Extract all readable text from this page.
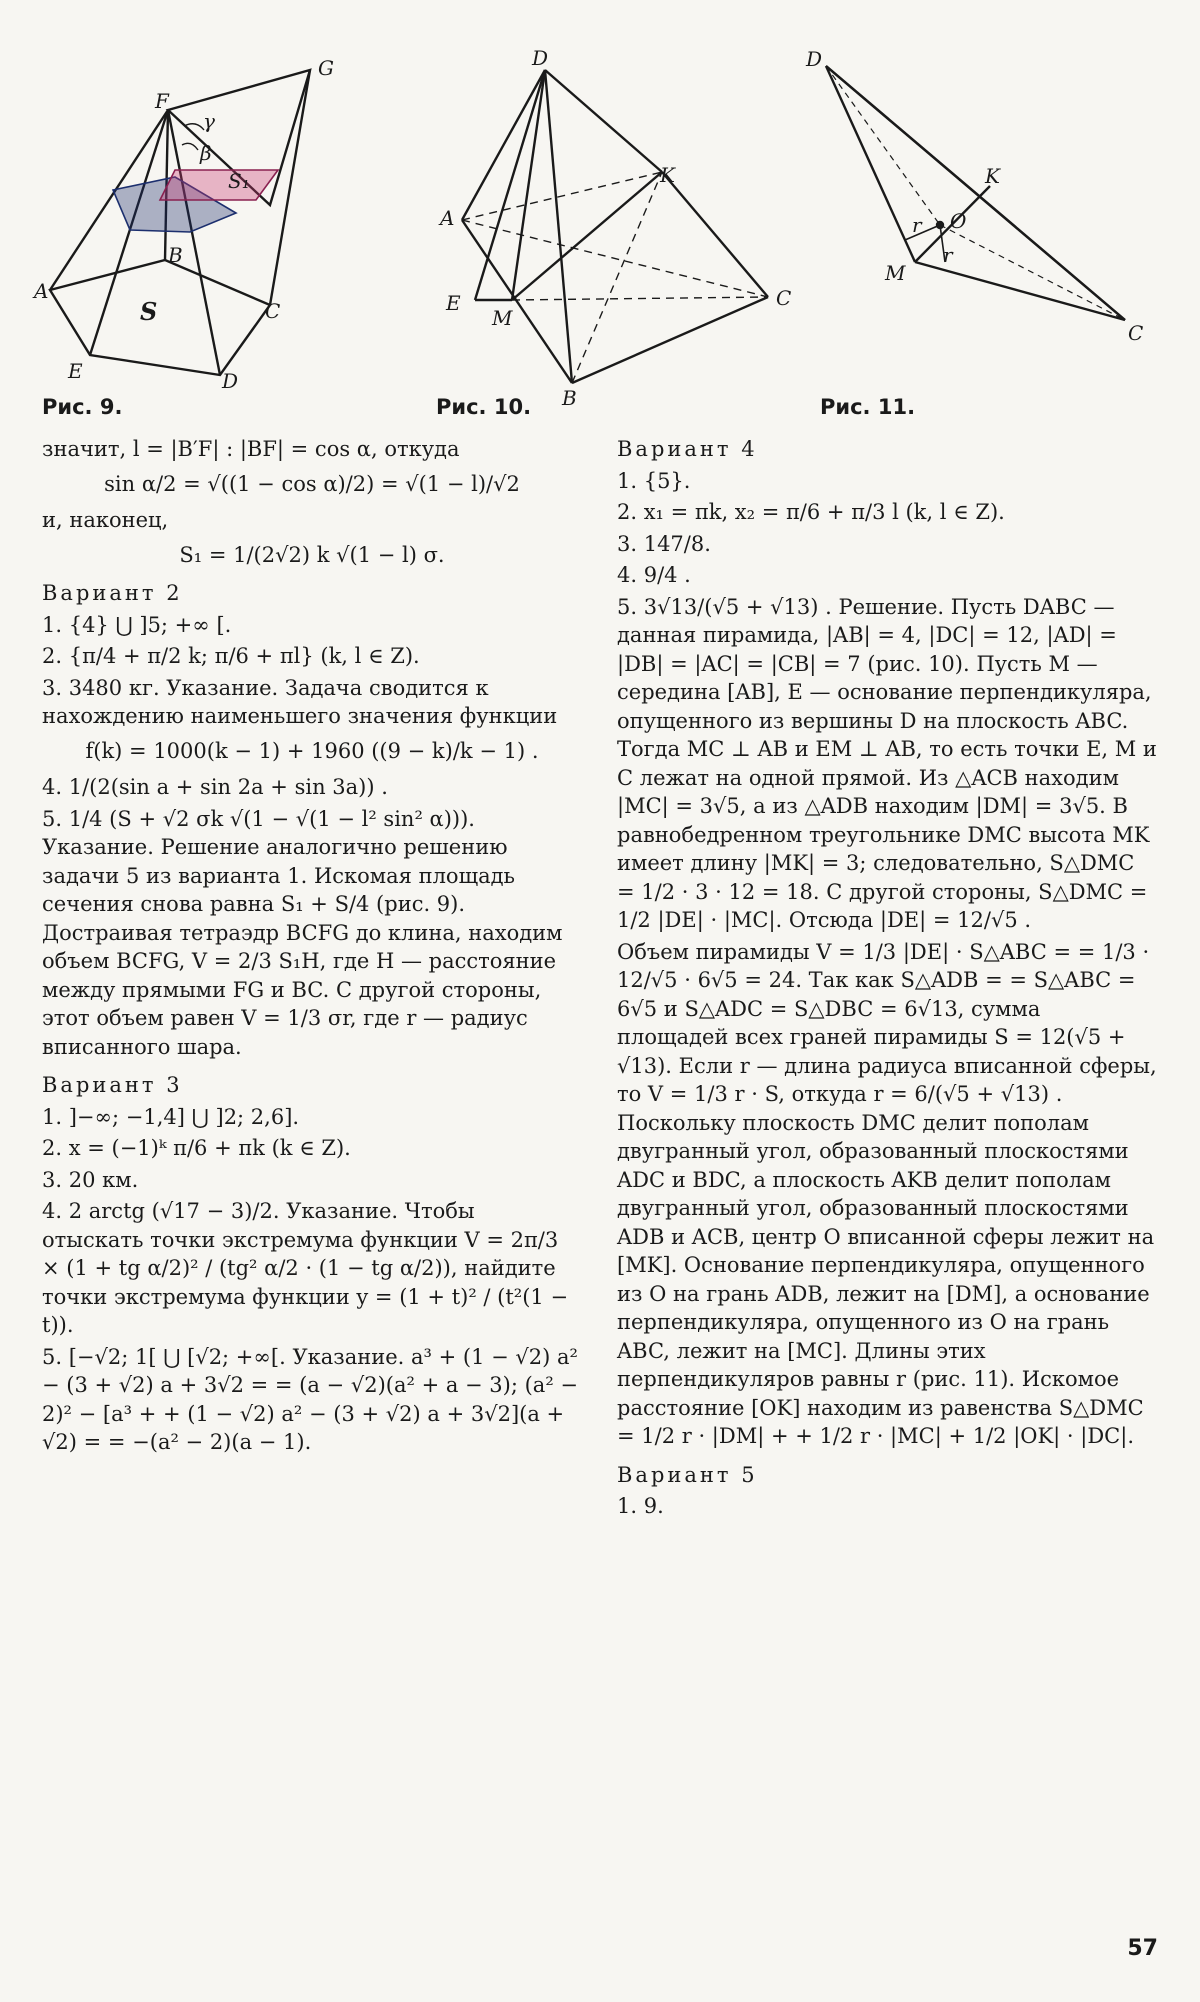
F
G
γ
β
S₁
B
A
C
S
E	D
D
A
K
E
M
C
B
D
K
r O
r
M
C
Рис. 9.	Рис. 10.	Рис. 11.

значит, l = |B′F| : |BF| = cos α, откуда

sin α/2 = √((1 − cos α)/2) = √(1 − l)/√2

и, наконец,

S₁ = 1/(2√2) k √(1 − l) σ.

Вариант 2

1. {4} ⋃ ]5; +∞ [.

2. {π/4 + π/2 k; π/6 + πl} (k, l ∈ Z).

3. 3480 кг. Указание. Задача сводится к нахождению наименьшего значения функции

f(k) = 1000(k − 1) + 1960 ((9 − k)/k − 1) .

4. 1/(2(sin a + sin 2a + sin 3a)) .

5. 1/4 (S + √2 σk √(1 − √(1 − l² sin² α))). Указание. Решение аналогично решению задачи 5 из варианта 1. Искомая площадь сечения снова равна S₁ + S/4 (рис. 9). Достраивая тетраэдр BCFG до клина, находим объем BCFG, V = 2/3 S₁H, где H — расстояние между прямыми FG и BC. С другой стороны, этот объем равен V = 1/3 σr, где r — радиус вписанного шара.

Вариант 3

1. ]−∞; −1,4] ⋃ ]2; 2,6].

2. x = (−1)ᵏ π/6 + πk (k ∈ Z).

3. 20 км.

4. 2 arctg (√17 − 3)/2. Указание. Чтобы отыскать точки экстремума функции V = 2π/3 × (1 + tg α/2)² / (tg² α/2 · (1 − tg α/2)), найдите точки экстремума функции y = (1 + t)² / (t²(1 − t)).

5. [−√2; 1[ ⋃ [√2; +∞[. Указание. a³ + (1 − √2) a² − (3 + √2) a + 3√2 = = (a − √2)(a² + a − 3); (a² − 2)² − [a³ + + (1 − √2) a² − (3 + √2) a + 3√2](a + √2) = = −(a² − 2)(a − 1).

Вариант 4

1. {5}.

2. x₁ = πk, x₂ = π/6 + π/3 l (k, l ∈ Z).

3. 147/8.

4. 9/4 .

5. 3√13/(√5 + √13) . Решение. Пусть DABC — данная пирамида, |AB| = 4, |DC| = 12, |AD| = |DB| = |AC| = |CB| = 7 (рис. 10). Пусть M — середина [AB], E — основание перпендикуляра, опущенного из вершины D на плоскость ABC. Тогда MC ⊥ AB и EM ⊥ AB, то есть точки E, M и C лежат на одной прямой. Из △ACB находим |MC| = 3√5, а из △ADB находим |DM| = 3√5. В равнобедренном треугольнике DMC высота MK имеет длину |MK| = 3; следовательно, S△DMC = 1/2 · 3 · 12 = 18. С другой стороны, S△DMC = 1/2 |DE| · |MC|. Отсюда |DE| = 12/√5 .

Объем пирамиды V = 1/3 |DE| · S△ABC = = 1/3 · 12/√5 · 6√5 = 24. Так как S△ADB = = S△ABC = 6√5 и S△ADC = S△DBC = 6√13, сумма площадей всех граней пирамиды S = 12(√5 + √13). Если r — длина радиуса вписанной сферы, то V = 1/3 r · S, откуда r = 6/(√5 + √13) . Поскольку плоскость DMC делит пополам двугранный угол, образованный плоскостями ADC и BDC, а плоскость AKB делит пополам двугранный угол, образованный плоскостями ADB и ACB, центр O вписанной сферы лежит на [MK]. Основание перпендикуляра, опущенного из O на грань ADB, лежит на [DM], а основание перпендикуляра, опущенного из O на грань ABC, лежит на [MC]. Длины этих перпендикуляров равны r (рис. 11). Искомое расстояние [OK] находим из равенства S△DMC = 1/2 r · |DM| + + 1/2 r · |MC| + 1/2 |OK| · |DC|.

Вариант 5

1. 9.

57
